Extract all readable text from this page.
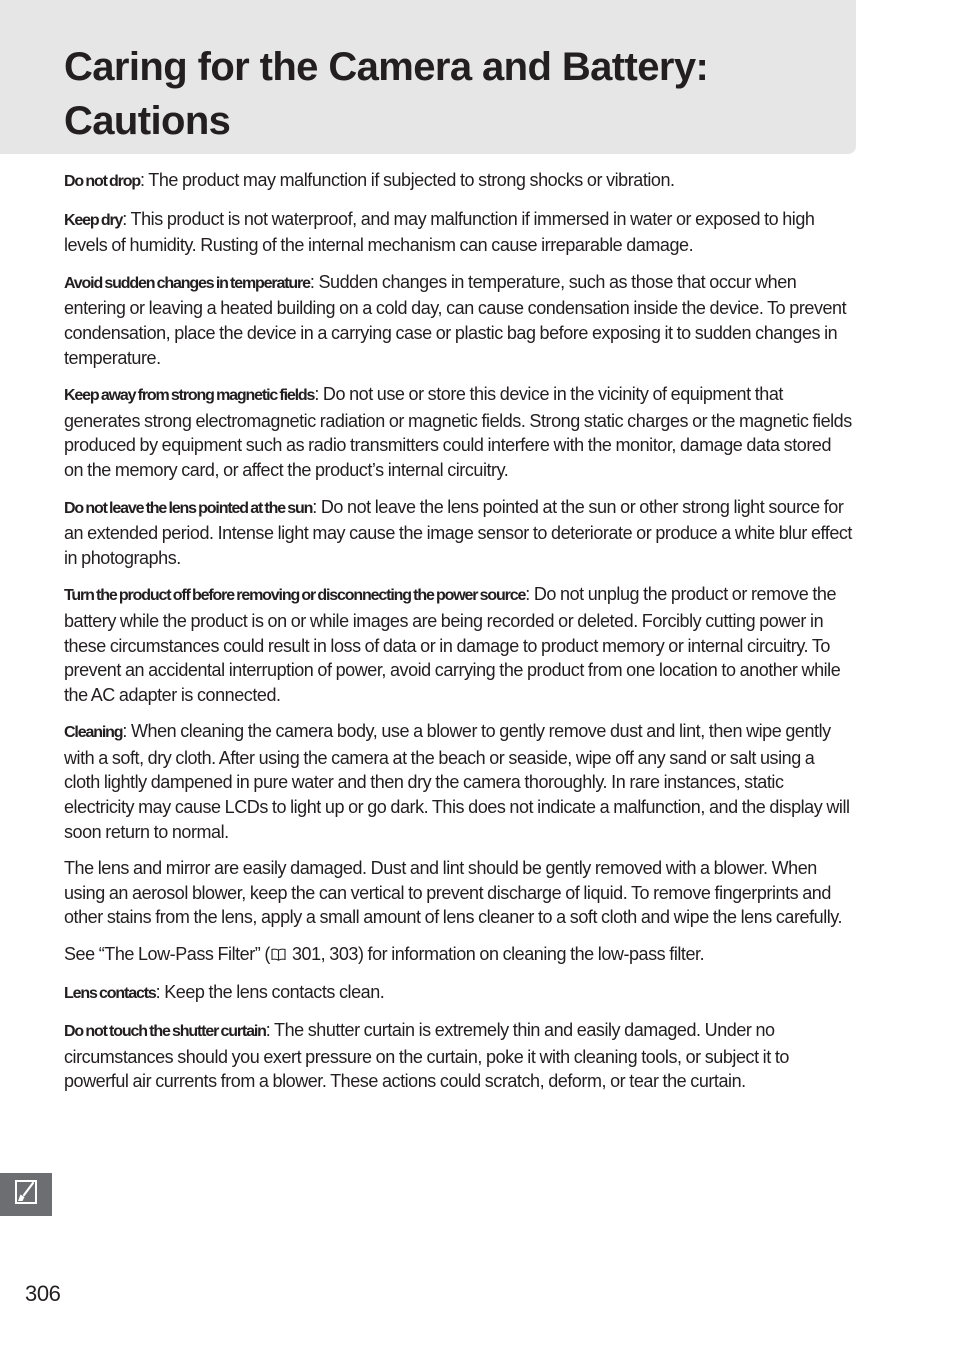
Caring for the Camera and Battery:
Cautions

Do not drop: The product may malfunction if subjected to strong shocks or vibration.

Keep dry: This product is not waterproof, and may malfunction if immersed in water or exposed to high levels of humidity. Rusting of the internal mechanism can cause irreparable damage.

Avoid sudden changes in temperature: Sudden changes in temperature, such as those that occur when entering or leaving a heated building on a cold day, can cause condensation inside the device. To prevent condensation, place the device in a carrying case or plastic bag before exposing it to sudden changes in temperature.

Keep away from strong magnetic fields: Do not use or store this device in the vicinity of equipment that generates strong electromagnetic radiation or magnetic fields. Strong static charges or the magnetic fields produced by equipment such as radio transmitters could interfere with the monitor, damage data stored on the memory card, or affect the product’s internal circuitry.

Do not leave the lens pointed at the sun: Do not leave the lens pointed at the sun or other strong light source for an extended period. Intense light may cause the image sensor to deteriorate or produce a white blur effect in photographs.

Turn the product off before removing or disconnecting the power source: Do not unplug the product or remove the battery while the product is on or while images are being recorded or deleted. Forcibly cutting power in these circumstances could result in loss of data or in damage to product memory or internal circuitry. To prevent an accidental interruption of power, avoid carrying the product from one location to another while the AC adapter is connected.

Cleaning: When cleaning the camera body, use a blower to gently remove dust and lint, then wipe gently with a soft, dry cloth. After using the camera at the beach or seaside, wipe off any sand or salt using a cloth lightly dampened in pure water and then dry the camera thoroughly. In rare instances, static electricity may cause LCDs to light up or go dark. This does not indicate a malfunction, and the display will soon return to normal.

The lens and mirror are easily damaged. Dust and lint should be gently removed with a blower. When using an aerosol blower, keep the can vertical to prevent discharge of liquid. To remove fingerprints and other stains from the lens, apply a small amount of lens cleaner to a soft cloth and wipe the lens carefully.

See “The Low-Pass Filter” ( 301, 303) for information on cleaning the low-pass filter.

Lens contacts: Keep the lens contacts clean.

Do not touch the shutter curtain: The shutter curtain is extremely thin and easily damaged. Under no circumstances should you exert pressure on the curtain, poke it with cleaning tools, or subject it to powerful air currents from a blower. These actions could scratch, deform, or tear the curtain.

306
